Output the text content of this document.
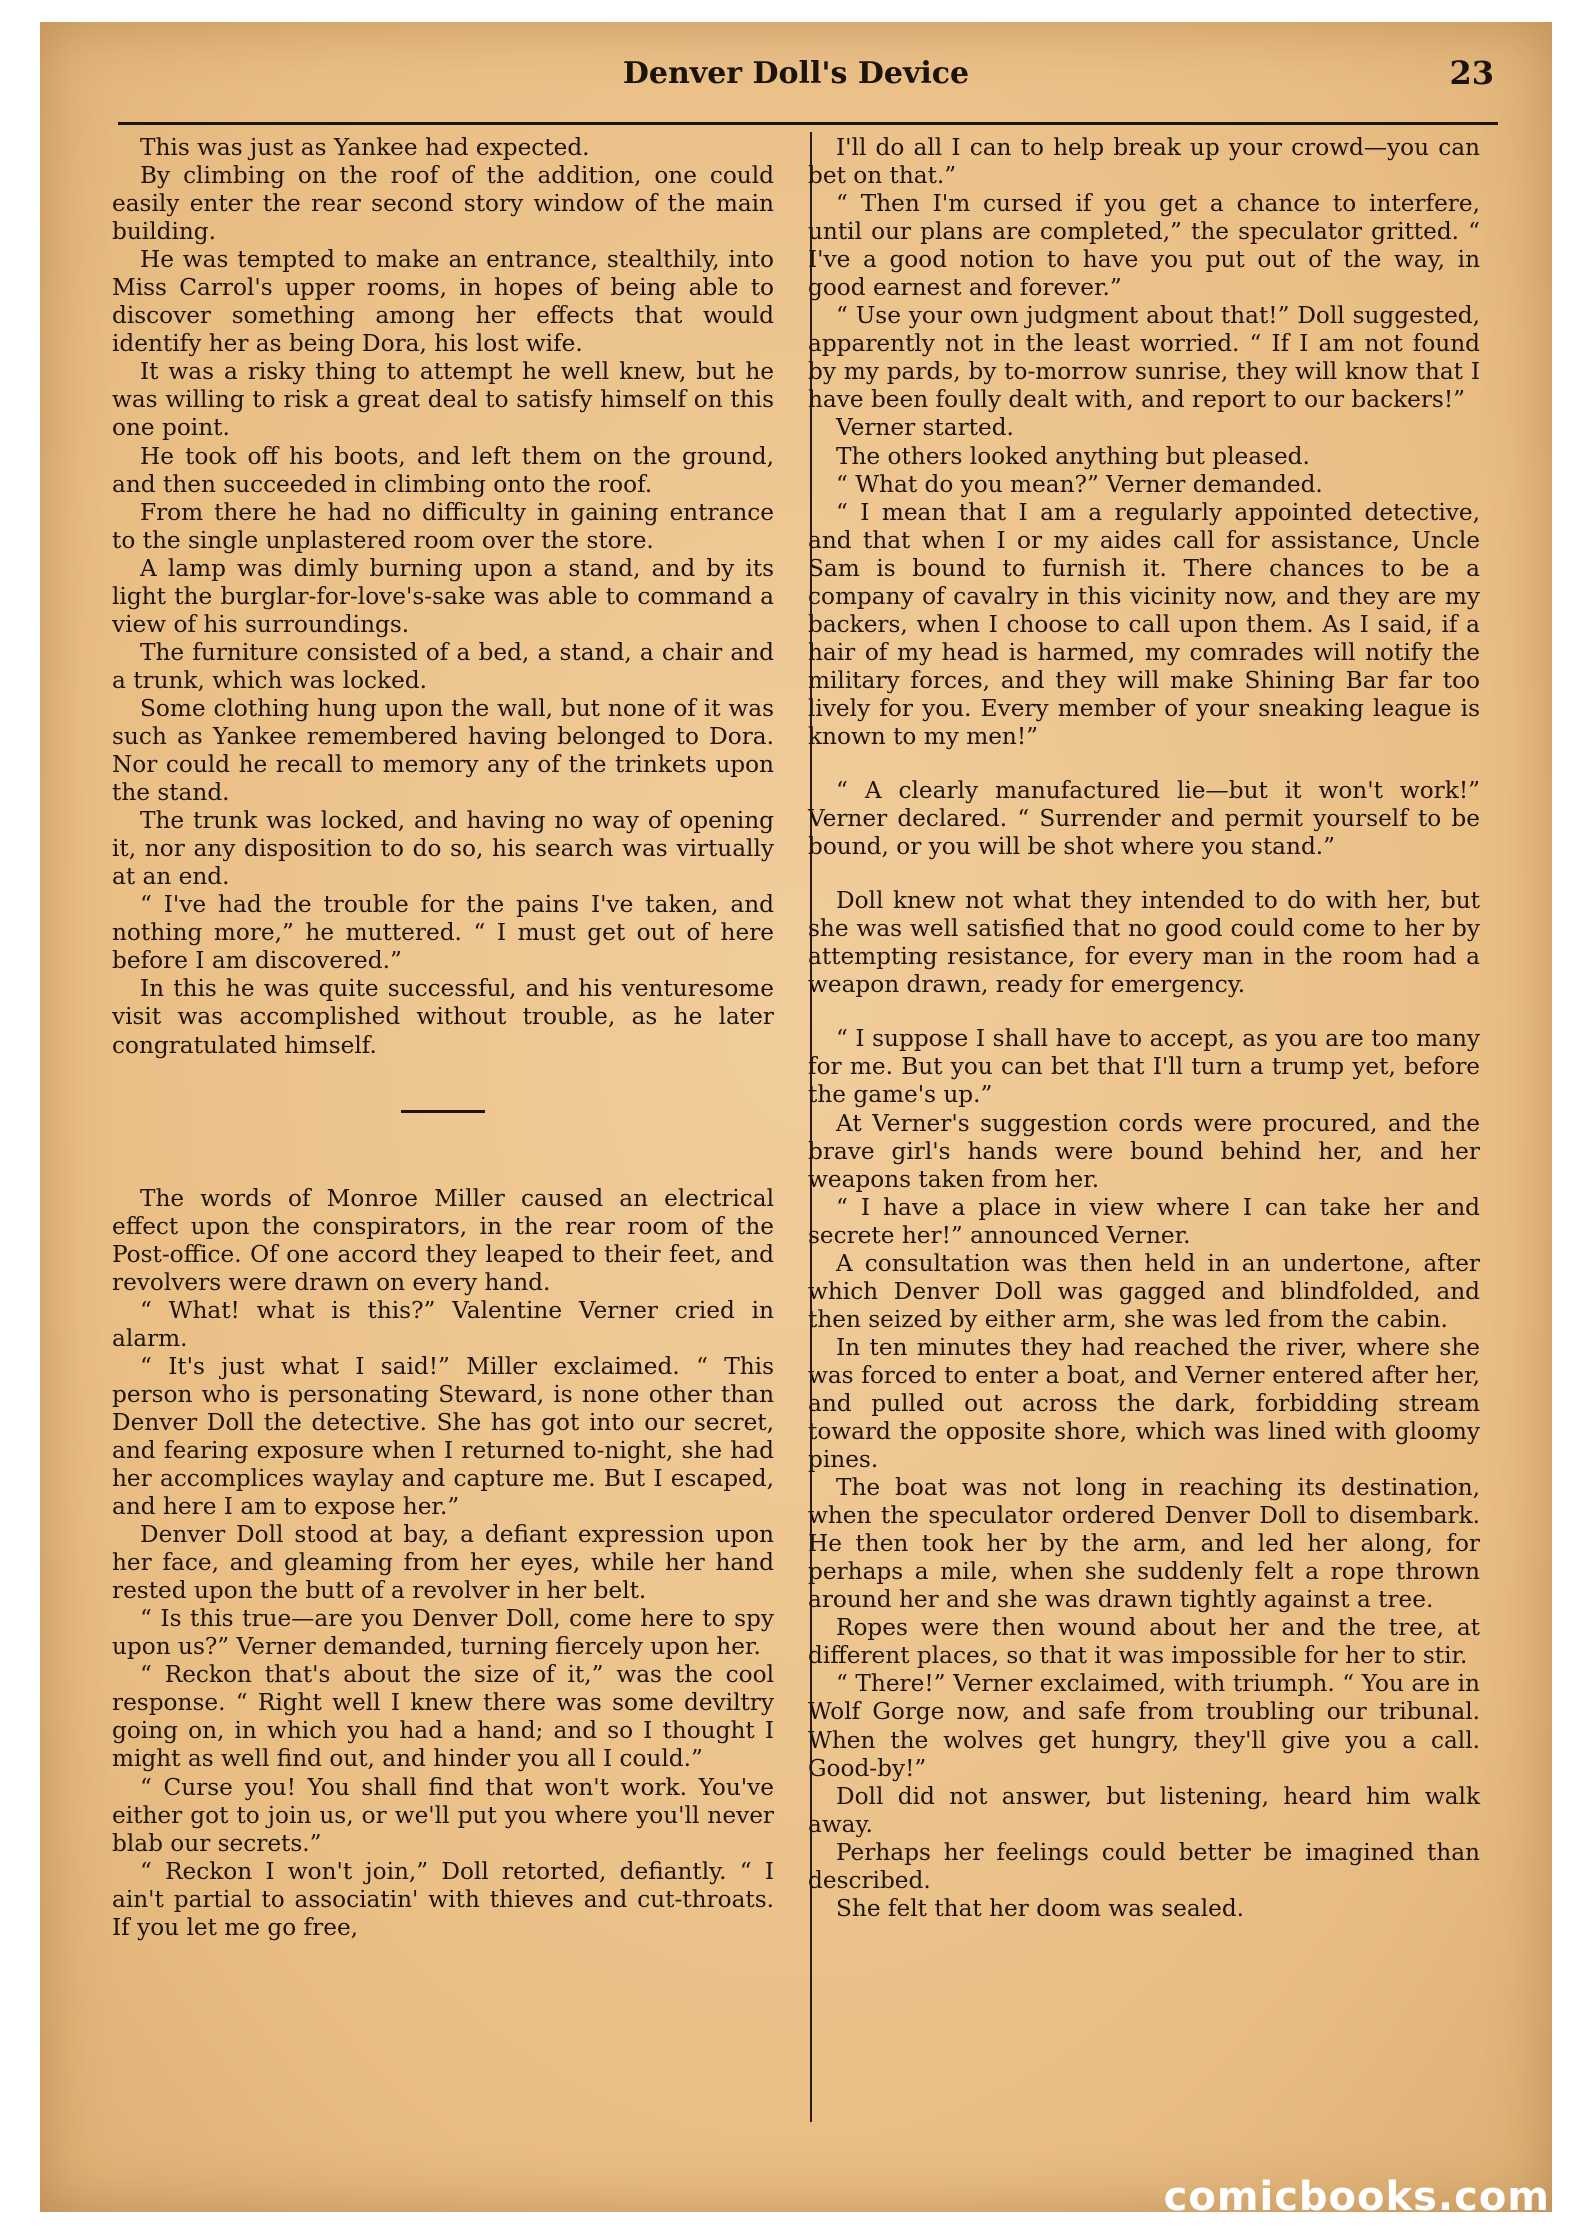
Denver Doll's Device	23

This was just as Yankee had expected.

By climbing on the roof of the addition, one could easily enter the rear second story window of the main building.

He was tempted to make an entrance, stealthily, into Miss Carrol's upper rooms, in hopes of being able to discover something among her effects that would identify her as being Dora, his lost wife.

It was a risky thing to attempt he well knew, but he was willing to risk a great deal to satisfy himself on this one point.

He took off his boots, and left them on the ground, and then succeeded in climbing onto the roof.

From there he had no difficulty in gaining entrance to the single unplastered room over the store.

A lamp was dimly burning upon a stand, and by its light the burglar-for-love's-sake was able to command a view of his surroundings.

The furniture consisted of a bed, a stand, a chair and a trunk, which was locked.

Some clothing hung upon the wall, but none of it was such as Yankee remembered having belonged to Dora. Nor could he recall to memory any of the trinkets upon the stand.

The trunk was locked, and having no way of opening it, nor any disposition to do so, his search was virtually at an end.

“ I've had the trouble for the pains I've taken, and nothing more,” he muttered. “ I must get out of here before I am discovered.”

In this he was quite successful, and his venturesome visit was accomplished without trouble, as he later congratulated himself.

The words of Monroe Miller caused an electrical effect upon the conspirators, in the rear room of the Post-office. Of one accord they leaped to their feet, and revolvers were drawn on every hand.

“ What! what is this?” Valentine Verner cried in alarm.

“ It's just what I said!” Miller exclaimed. “ This person who is personating Steward, is none other than Denver Doll the detective. She has got into our secret, and fearing exposure when I returned to-night, she had her accomplices waylay and capture me. But I escaped, and here I am to expose her.”

Denver Doll stood at bay, a defiant expression upon her face, and gleaming from her eyes, while her hand rested upon the butt of a revolver in her belt.

“ Is this true—are you Denver Doll, come here to spy upon us?” Verner demanded, turning fiercely upon her.

“ Reckon that's about the size of it,” was the cool response. “ Right well I knew there was some deviltry going on, in which you had a hand; and so I thought I might as well find out, and hinder you all I could.”

“ Curse you! You shall find that won't work. You've either got to join us, or we'll put you where you'll never blab our secrets.”

“ Reckon I won't join,” Doll retorted, defiantly. “ I ain't partial to associatin' with thieves and cut-throats. If you let me go free,

I'll do all I can to help break up your crowd—you can bet on that.”

“ Then I'm cursed if you get a chance to interfere, until our plans are completed,” the speculator gritted. “ I've a good notion to have you put out of the way, in good earnest and forever.”

“ Use your own judgment about that!” Doll suggested, apparently not in the least worried. “ If I am not found by my pards, by to-morrow sunrise, they will know that I have been foully dealt with, and report to our backers!”

Verner started.

The others looked anything but pleased.

“ What do you mean?” Verner demanded.

“ I mean that I am a regularly appointed detective, and that when I or my aides call for assistance, Uncle Sam is bound to furnish it. There chances to be a company of cavalry in this vicinity now, and they are my backers, when I choose to call upon them. As I said, if a hair of my head is harmed, my comrades will notify the military forces, and they will make Shining Bar far too lively for you. Every member of your sneaking league is known to my men!”

“ A clearly manufactured lie—but it won't work!” Verner declared. “ Surrender and permit yourself to be bound, or you will be shot where you stand.”

Doll knew not what they intended to do with her, but she was well satisfied that no good could come to her by attempting resistance, for every man in the room had a weapon drawn, ready for emergency.

“ I suppose I shall have to accept, as you are too many for me. But you can bet that I'll turn a trump yet, before the game's up.”

At Verner's suggestion cords were procured, and the brave girl's hands were bound behind her, and her weapons taken from her.

“ I have a place in view where I can take her and secrete her!” announced Verner.

A consultation was then held in an undertone, after which Denver Doll was gagged and blindfolded, and then seized by either arm, she was led from the cabin.

In ten minutes they had reached the river, where she was forced to enter a boat, and Verner entered after her, and pulled out across the dark, forbidding stream toward the opposite shore, which was lined with gloomy pines.

The boat was not long in reaching its destination, when the speculator ordered Denver Doll to disembark. He then took her by the arm, and led her along, for perhaps a mile, when she suddenly felt a rope thrown around her and she was drawn tightly against a tree.

Ropes were then wound about her and the tree, at different places, so that it was impossible for her to stir.

“ There!” Verner exclaimed, with triumph. “ You are in Wolf Gorge now, and safe from troubling our tribunal. When the wolves get hungry, they'll give you a call. Good-by!”

Doll did not answer, but listening, heard him walk away.

Perhaps her feelings could better be imagined than described.

She felt that her doom was sealed.

comicbooks.com
